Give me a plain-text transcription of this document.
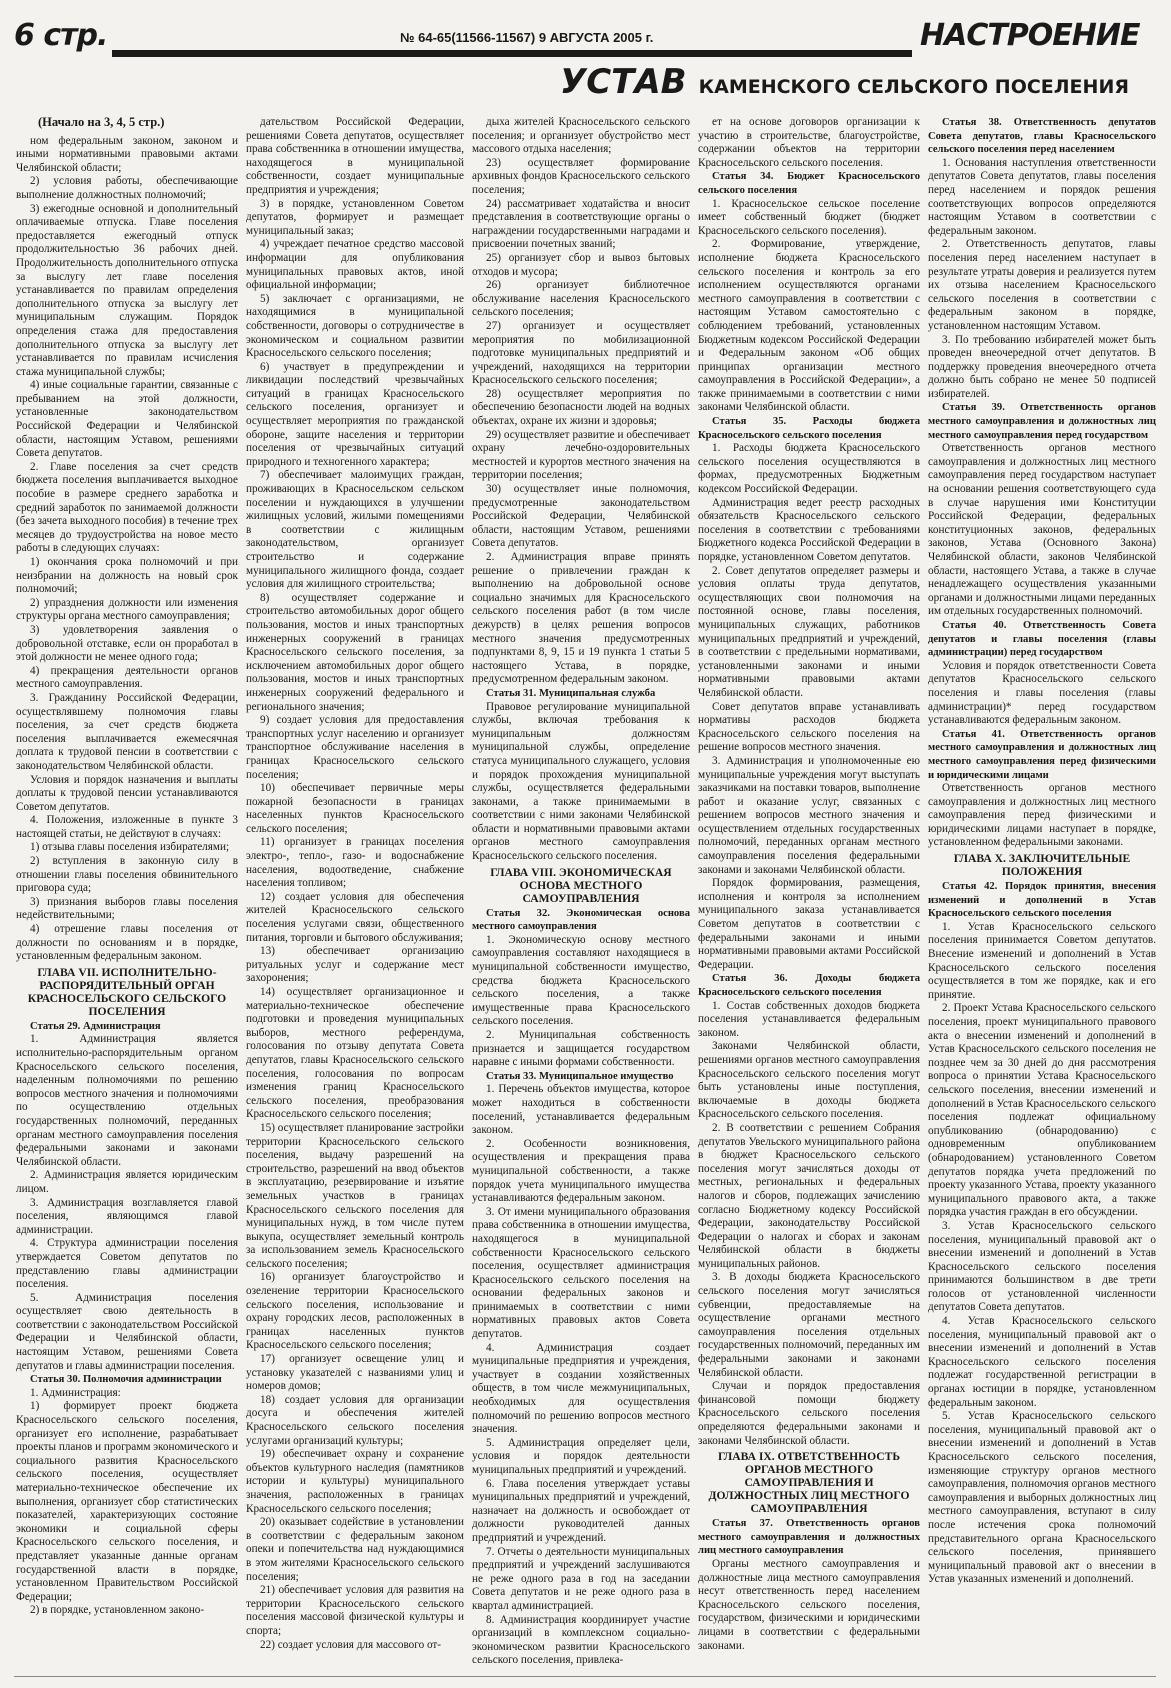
6 стр.	№ 64-65(11566-11567) 9 АВГУСТА 2005 г.	НАСТРОЕНИЕ
УСТАВ КАМЕНСКОГО СЕЛЬСКОГО ПОСЕЛЕНИЯ

(Начало на 3, 4, 5 стр.)

ном федеральным законом, законом и иными нормативными правовыми актами Челябинской области;

2) условия работы, обеспечивающие выполнение должностных полномочий;

3) ежегодные основной и дополнительный оплачиваемые отпуска. Главе поселения предоставляется ежегодный отпуск продолжительностью 36 рабочих дней. Продолжительность дополнительного отпуска за выслугу лет главе поселения устанавливается по правилам определения дополнительного отпуска за выслугу лет муниципальным служащим. Порядок определения стажа для предоставления дополнительного отпуска за выслугу лет устанавливается по правилам исчисления стажа муниципальной службы;

4) иные социальные гарантии, связанные с пребыванием на этой должности, установленные законодательством Российской Федерации и Челябинской области, настоящим Уставом, решениями Совета депутатов.

2. Главе поселения за счет средств бюджета поселения выплачивается выходное пособие в размере среднего заработка и средний заработок по занимаемой должности (без зачета выходного пособия) в течение трех месяцев до трудоустройства на новое место работы в следующих случаях:

1) окончания срока полномочий и при неизбрании на должность на новый срок полномочий;

2) упразднения должности или изменения структуры органа местного самоуправления;

3) удовлетворения заявления о добровольной отставке, если он проработал в этой должности не менее одного года;

4) прекращения деятельности органов местного самоуправления.

3. Гражданину Российской Федерации, осуществлявшему полномочия главы поселения, за счет средств бюджета поселения выплачивается ежемесячная доплата к трудовой пенсии в соответствии с законодательством Челябинской области.

Условия и порядок назначения и выплаты доплаты к трудовой пенсии устанавливаются Советом депутатов.

4. Положения, изложенные в пункте 3 настоящей статьи, не действуют в случаях:

1) отзыва главы поселения избирателями;

2) вступления в законную силу в отношении главы поселения обвинительного приговора суда;

3) признания выборов главы поселения недействительными;

4) отрешение главы поселения от должности по основаниям и в порядке, установленным федеральным законом.

ГЛАВА VII. ИСПОЛНИТЕЛЬНО-РАСПОРЯДИТЕЛЬНЫЙ ОРГАН КРАСНОСЕЛЬСКОГО СЕЛЬСКОГО ПОСЕЛЕНИЯ

Статья 29. Администрация

1. Администрация является исполнительно-распорядительным органом Красносельского сельского поселения, наделенным полномочиями по решению вопросов местного значения и полномочиями по осуществлению отдельных государственных полномочий, переданных органам местного самоуправления поселения федеральными законами и законами Челябинской области.

2. Администрация является юридическим лицом.

3. Администрация возглавляется главой поселения, являющимся главой администрации.

4. Структура администрации поселения утверждается Советом депутатов по представлению главы администрации поселения.

5. Администрация поселения осуществляет свою деятельность в соответствии с законодательством Российской Федерации и Челябинской области, настоящим Уставом, решениями Совета депутатов и главы администрации поселения.

Статья 30. Полномочия администрации

1. Администрация:

1) формирует проект бюджета Красносельского сельского поселения, организует его исполнение, разрабатывает проекты планов и программ экономического и социального развития Красносельского сельского поселения, осуществляет материально-техническое обеспечение их выполнения, организует сбор статистических показателей, характеризующих состояние экономики и социальной сферы Красносельского сельского поселения, и представляет указанные данные органам государственной власти в порядке, установленном Правительством Российской Федерации;

2) в порядке, установленном законо-

дательством Российской Федерации, решениями Совета депутатов, осуществляет права собственника в отношении имущества, находящегося в муниципальной собственности, создает муниципальные предприятия и учреждения;

3) в порядке, установленном Советом депутатов, формирует и размещает муниципальный заказ;

4) учреждает печатное средство массовой информации для опубликования муниципальных правовых актов, иной официальной информации;

5) заключает с организациями, не находящимися в муниципальной собственности, договоры о сотрудничестве в экономическом и социальном развитии Красносельского сельского поселения;

6) участвует в предупреждении и ликвидации последствий чрезвычайных ситуаций в границах Красносельского сельского поселения, организует и осуществляет мероприятия по гражданской обороне, защите населения и территории поселения от чрезвычайных ситуаций природного и техногенного характера;

7) обеспечивает малоимущих граждан, проживающих в Красносельском сельском поселении и нуждающихся в улучшении жилищных условий, жилыми помещениями в соответствии с жилищным законодательством, организует строительство и содержание муниципального жилищного фонда, создает условия для жилищного строительства;

8) осуществляет содержание и строительство автомобильных дорог общего пользования, мостов и иных транспортных инженерных сооружений в границах Красносельского сельского поселения, за исключением автомобильных дорог общего пользования, мостов и иных транспортных инженерных сооружений федерального и регионального значения;

9) создает условия для предоставления транспортных услуг населению и организует транспортное обслуживание населения в границах Красносельского сельского поселения;

10) обеспечивает первичные меры пожарной безопасности в границах населенных пунктов Красносельского сельского поселения;

11) организует в границах поселения электро-, тепло-, газо- и водоснабжение населения, водоотведение, снабжение населения топливом;

12) создает условия для обеспечения жителей Красносельского сельского поселения услугами связи, общественного питания, торговли и бытового обслуживания;

13) обеспечивает организацию ритуальных услуг и содержание мест захоронения;

14) осуществляет организационное и материально-техническое обеспечение подготовки и проведения муниципальных выборов, местного референдума, голосования по отзыву депутата Совета депутатов, главы Красносельского сельского поселения, голосования по вопросам изменения границ Красносельского сельского поселения, преобразования Красносельского сельского поселения;

15) осуществляет планирование застройки территории Красносельского сельского поселения, выдачу разрешений на строительство, разрешений на ввод объектов в эксплуатацию, резервирование и изъятие земельных участков в границах Красносельского сельского поселения для муниципальных нужд, в том числе путем выкупа, осуществляет земельный контроль за использованием земель Красносельского сельского поселения;

16) организует благоустройство и озеленение территории Красносельского сельского поселения, использование и охрану городских лесов, расположенных в границах населенных пунктов Красносельского сельского поселения;

17) организует освещение улиц и установку указателей с названиями улиц и номеров домов;

18) создает условия для организации досуга и обеспечения жителей Красносельского сельского поселения услугами организаций культуры;

19) обеспечивает охрану и сохранение объектов культурного наследия (памятников истории и культуры) муниципального значения, расположенных в границах Красносельского сельского поселения;

20) оказывает содействие в установлении в соответствии с федеральным законом опеки и попечительства над нуждающимися в этом жителями Красносельского сельского поселения;

21) обеспечивает условия для развития на территории Красносельского сельского поселения массовой физической культуры и спорта;

22) создает условия для массового от-

дыха жителей Красносельского сельского поселения; и организует обустройство мест массового отдыха населения;

23) осуществляет формирование архивных фондов Красносельского сельского поселения;

24) рассматривает ходатайства и вносит представления в соответствующие органы о награждении государственными наградами и присвоении почетных званий;

25) организует сбор и вывоз бытовых отходов и мусора;

26) организует библиотечное обслуживание населения Красносельского сельского поселения;

27) организует и осуществляет мероприятия по мобилизационной подготовке муниципальных предприятий и учреждений, находящихся на территории Красносельского сельского поселения;

28) осуществляет мероприятия по обеспечению безопасности людей на водных объектах, охране их жизни и здоровья;

29) осуществляет развитие и обеспечивает охрану лечебно-оздоровительных местностей и курортов местного значения на территории поселения;

30) осуществляет иные полномочия, предусмотренные законодательством Российской Федерации, Челябинской области, настоящим Уставом, решениями Совета депутатов.

2. Администрация вправе принять решение о привлечении граждан к выполнению на добровольной основе социально значимых для Красносельского сельского поселения работ (в том числе дежурств) в целях решения вопросов местного значения предусмотренных подпунктами 8, 9, 15 и 19 пункта 1 статьи 5 настоящего Устава, в порядке, предусмотренном федеральным законом.

Статья 31. Муниципальная служба

Правовое регулирование муниципальной службы, включая требования к муниципальным должностям муниципальной службы, определение статуса муниципального служащего, условия и порядок прохождения муниципальной службы, осуществляется федеральными законами, а также принимаемыми в соответствии с ними законами Челябинской области и нормативными правовыми актами органов местного самоуправления Красносельского сельского поселения.

ГЛАВА VIII. ЭКОНОМИЧЕСКАЯ ОСНОВА МЕСТНОГО САМОУПРАВЛЕНИЯ

Статья 32. Экономическая основа местного самоуправления

1. Экономическую основу местного самоуправления составляют находящиеся в муниципальной собственности имущество, средства бюджета Красносельского сельского поселения, а также имущественные права Красносельского сельского поселения.

2. Муниципальная собственность признается и защищается государством наравне с иными формами собственности.

Статья 33. Муниципальное имущество

1. Перечень объектов имущества, которое может находиться в собственности поселений, устанавливается федеральным законом.

2. Особенности возникновения, осуществления и прекращения права муниципальной собственности, а также порядок учета муниципального имущества устанавливаются федеральным законом.

3. От имени муниципального образования права собственника в отношении имущества, находящегося в муниципальной собственности Красносельского сельского поселения, осуществляет администрация Красносельского сельского поселения на основании федеральных законов и принимаемых в соответствии с ними нормативных правовых актов Совета депутатов.

4. Администрация создает муниципальные предприятия и учреждения, участвует в создании хозяйственных обществ, в том числе межмуниципальных, необходимых для осуществления полномочий по решению вопросов местного значения.

5. Администрация определяет цели, условия и порядок деятельности муниципальных предприятий и учреждений.

6. Глава поселения утверждает уставы муниципальных предприятий и учреждений, назначает на должность и освобождает от должности руководителей данных предприятий и учреждений.

7. Отчеты о деятельности муниципальных предприятий и учреждений заслушиваются не реже одного раза в год на заседании Совета депутатов и не реже одного раза в квартал администрацией.

8. Администрация координирует участие организаций в комплексном социально-экономическом развитии Красносельского сельского поселения, привлека-

ет на основе договоров организации к участию в строительстве, благоустройстве, содержании объектов на территории Красносельского сельского поселения.

Статья 34. Бюджет Красносельского сельского поселения

1. Красносельское сельское поселение имеет собственный бюджет (бюджет Красносельского сельского поселения).

2. Формирование, утверждение, исполнение бюджета Красносельского сельского поселения и контроль за его исполнением осуществляются органами местного самоуправления в соответствии с настоящим Уставом самостоятельно с соблюдением требований, установленных Бюджетным кодексом Российской Федерации и Федеральным законом «Об общих принципах организации местного самоуправления в Российской Федерации», а также принимаемыми в соответствии с ними законами Челябинской области.

Статья 35. Расходы бюджета Красносельского сельского поселения

1. Расходы бюджета Красносельского сельского поселения осуществляются в формах, предусмотренных Бюджетным кодексом Российской Федерации.

Администрация ведет реестр расходных обязательств Красносельского сельского поселения в соответствии с требованиями Бюджетного кодекса Российской Федерации в порядке, установленном Советом депутатов.

2. Совет депутатов определяет размеры и условия оплаты труда депутатов, осуществляющих свои полномочия на постоянной основе, главы поселения, муниципальных служащих, работников муниципальных предприятий и учреждений, в соответствии с предельными нормативами, установленными законами и иными нормативными правовыми актами Челябинской области.

Совет депутатов вправе устанавливать нормативы расходов бюджета Красносельского сельского поселения на решение вопросов местного значения.

3. Администрация и уполномоченные ею муниципальные учреждения могут выступать заказчиками на поставки товаров, выполнение работ и оказание услуг, связанных с решением вопросов местного значения и осуществлением отдельных государственных полномочий, переданных органам местного самоуправления поселения федеральными законами и законами Челябинской области.

Порядок формирования, размещения, исполнения и контроля за исполнением муниципального заказа устанавливается Советом депутатов в соответствии с федеральными законами и иными нормативными правовыми актами Российской Федерации.

Статья 36. Доходы бюджета Красносельского сельского поселения

1. Состав собственных доходов бюджета поселения устанавливается федеральным законом.

Законами Челябинской области, решениями органов местного самоуправления Красносельского сельского поселения могут быть установлены иные поступления, включаемые в доходы бюджета Красносельского сельского поселения.

2. В соответствии с решением Собрания депутатов Увельского муниципального района в бюджет Красносельского сельского поселения могут зачисляться доходы от местных, региональных и федеральных налогов и сборов, подлежащих зачислению согласно Бюджетному кодексу Российской Федерации, законодательству Российской Федерации о налогах и сборах и законам Челябинской области в бюджеты муниципальных районов.

3. В доходы бюджета Красносельского сельского поселения могут зачисляться субвенции, предоставляемые на осуществление органами местного самоуправления поселения отдельных государственных полномочий, переданных им федеральными законами и законами Челябинской области.

Случаи и порядок предоставления финансовой помощи бюджету Красносельского сельского поселения определяются федеральными законами и законами Челябинской области.

ГЛАВА IX. ОТВЕТСТВЕННОСТЬ ОРГАНОВ МЕСТНОГО САМОУПРАВЛЕНИЯ И ДОЛЖНОСТНЫХ ЛИЦ МЕСТНОГО САМОУПРАВЛЕНИЯ

Статья 37. Ответственность органов местного самоуправления и должностных лиц местного самоуправления

Органы местного самоуправления и должностные лица местного самоуправления несут ответственность перед населением Красносельского сельского поселения, государством, физическими и юридическими лицами в соответствии с федеральными законами.

Статья 38. Ответственность депутатов Совета депутатов, главы Красносельского сельского поселения перед населением

1. Основания наступления ответственности депутатов Совета депутатов, главы поселения перед населением и порядок решения соответствующих вопросов определяются настоящим Уставом в соответствии с федеральным законом.

2. Ответственность депутатов, главы поселения перед населением наступает в результате утраты доверия и реализуется путем их отзыва населением Красносельского сельского поселения в соответствии с федеральным законом в порядке, установленном настоящим Уставом.

3. По требованию избирателей может быть проведен внеочередной отчет депутатов. В поддержку проведения внеочередного отчета должно быть собрано не менее 50 подписей избирателей.

Статья 39. Ответственность органов местного самоуправления и должностных лиц местного самоуправления перед государством

Ответственность органов местного самоуправления и должностных лиц местного самоуправления перед государством наступает на основании решения соответствующего суда в случае нарушения ими Конституции Российской Федерации, федеральных конституционных законов, федеральных законов, Устава (Основного Закона) Челябинской области, законов Челябинской области, настоящего Устава, а также в случае ненадлежащего осуществления указанными органами и должностными лицами переданных им отдельных государственных полномочий.

Статья 40. Ответственность Совета депутатов и главы поселения (главы администрации) перед государством

Условия и порядок ответственности Совета депутатов Красносельского сельского поселения и главы поселения (главы администрации)* перед государством устанавливаются федеральным законом.

Статья 41. Ответственность органов местного самоуправления и должностных лиц местного самоуправления перед физическими и юридическими лицами

Ответственность органов местного самоуправления и должностных лиц местного самоуправления перед физическими и юридическими лицами наступает в порядке, установленном федеральными законами.

ГЛАВА X. ЗАКЛЮЧИТЕЛЬНЫЕ ПОЛОЖЕНИЯ

Статья 42. Порядок принятия, внесения изменений и дополнений в Устав Красносельского сельского поселения

1. Устав Красносельского сельского поселения принимается Советом депутатов. Внесение изменений и дополнений в Устав Красносельского сельского поселения осуществляется в том же порядке, как и его принятие.

2. Проект Устава Красносельского сельского поселения, проект муниципального правового акта о внесении изменений и дополнений в Устав Красносельского сельского поселения не позднее чем за 30 дней до дня рассмотрения вопроса о принятии Устава Красносельского сельского поселения, внесении изменений и дополнений в Устав Красносельского сельского поселения подлежат официальному опубликованию (обнародованию) с одновременным опубликованием (обнародованием) установленного Советом депутатов порядка учета предложений по проекту указанного Устава, проекту указанного муниципального правового акта, а также порядка участия граждан в его обсуждении.

3. Устав Красносельского сельского поселения, муниципальный правовой акт о внесении изменений и дополнений в Устав Красносельского сельского поселения принимаются большинством в две трети голосов от установленной численности депутатов Совета депутатов.

4. Устав Красносельского сельского поселения, муниципальный правовой акт о внесении изменений и дополнений в Устав Красносельского сельского поселения подлежат государственной регистрации в органах юстиции в порядке, установленном федеральным законом.

5. Устав Красносельского сельского поселения, муниципальный правовой акт о внесении изменений и дополнений в Устав Красносельского сельского поселения, изменяющие структуру органов местного самоуправления, полномочия органов местного самоуправления и выборных должностных лиц местного самоуправления, вступают в силу после истечения срока полномочий представительного органа Красносельского сельского поселения, принявшего муниципальный правовой акт о внесении в Устав указанных изменений и дополнений.
